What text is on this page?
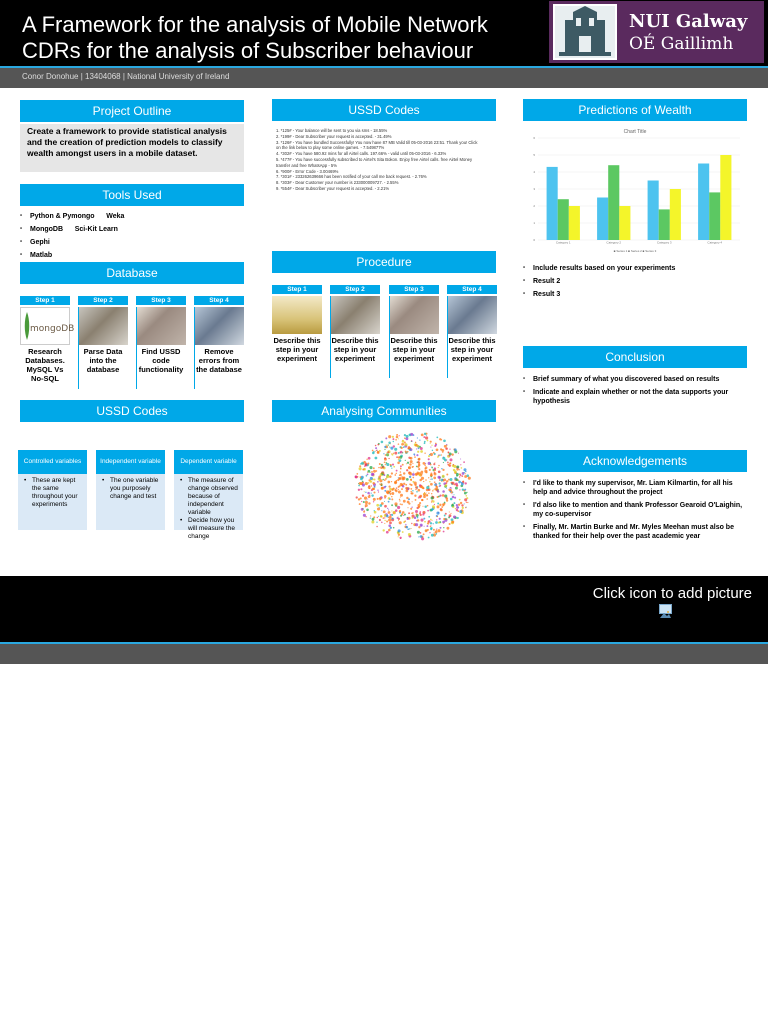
A Framework for the analysis of Mobile Network
CDRs for the analysis of Subscriber behaviour
NUI Galway
OÉ Gaillimh
Conor Donohue | 13404068 | National University of Ireland
Project Outline
Create a framework to provide statistical analysis and the creation of prediction models to classify wealth amongst users in a mobile dataset.
Tools Used
• Python & Pymongo      Weka
• MongoDB      Sci-Kit Learn
• Gephi
• Matlab
Database
Step 1
mongoDB
Research Databases. MySQL Vs No-SQL
Step 2
Parse Data into the database
Step 3
Find USSD code functionality
Step 4
Remove errors from the database
USSD Codes
Controlled variables
• These are kept the same throughout your experiments
Independent variable
• The one variable you purposely change and test
Dependent variable
• The measure of change observed because of independent variable
• Decide how you will measure the change
USSD Codes
1. *125# - Your balance will be sent to you via sms - 18.55%
2. *199# - Dear Subscriber your request is accepted. - 31.49%
3. *126# - You have bundled Successfully! You now have 87 MB Valid till 05-03-2016 23:51. Thank you! Click
on the link below to play some online games. - 7.549877%
4. *302# - You have 580.92 mins for all Airtel calls. 197.66% - valid until 05-03-2016 - 6.33%
5. *477# - You have successfully subscribed to Airtel's Sita Bokon. Enjoy free Airtel calls. free Airtel Money
transfer and free WhatsApp - 5%
6. *900# - Error Code - 3.00469%
7. *301# - 233262639666 has been notified of your call me back request. - 2.76%
8. *303# - Dear Customer your number is 233000009727. - 2.55%
9. *554# - Dear Subscriber your request is accepted. - 2.21%
Procedure
Step 1
Describe this step in your experiment
Step 2
Describe this step in your experiment
Step 3
Describe this step in your experiment
Step 4
Describe this step in your experiment
Analysing Communities
Predictions of Wealth
Chart Title
0
1
2
3
4
5
6
Category 1	Category 2	Category 3	Category 4
■ Series 1 ■ Series 2 ■ Series 3
• Include results based on your experiments
• Result 2
• Result 3
Conclusion
• Brief summary of what you discovered based on results
• Indicate and explain whether or not the data supports your hypothesis
Acknowledgements
• I'd like to thank my supervisor, Mr. Liam Kilmartin, for all his help and advice throughout the project
• I'd also like to mention and thank Professor Gearoid O'Laighin, my co-supervisor
• Finally, Mr. Martin Burke and Mr. Myles Meehan must also be thanked for their help over the past academic year
Click icon to add picture
